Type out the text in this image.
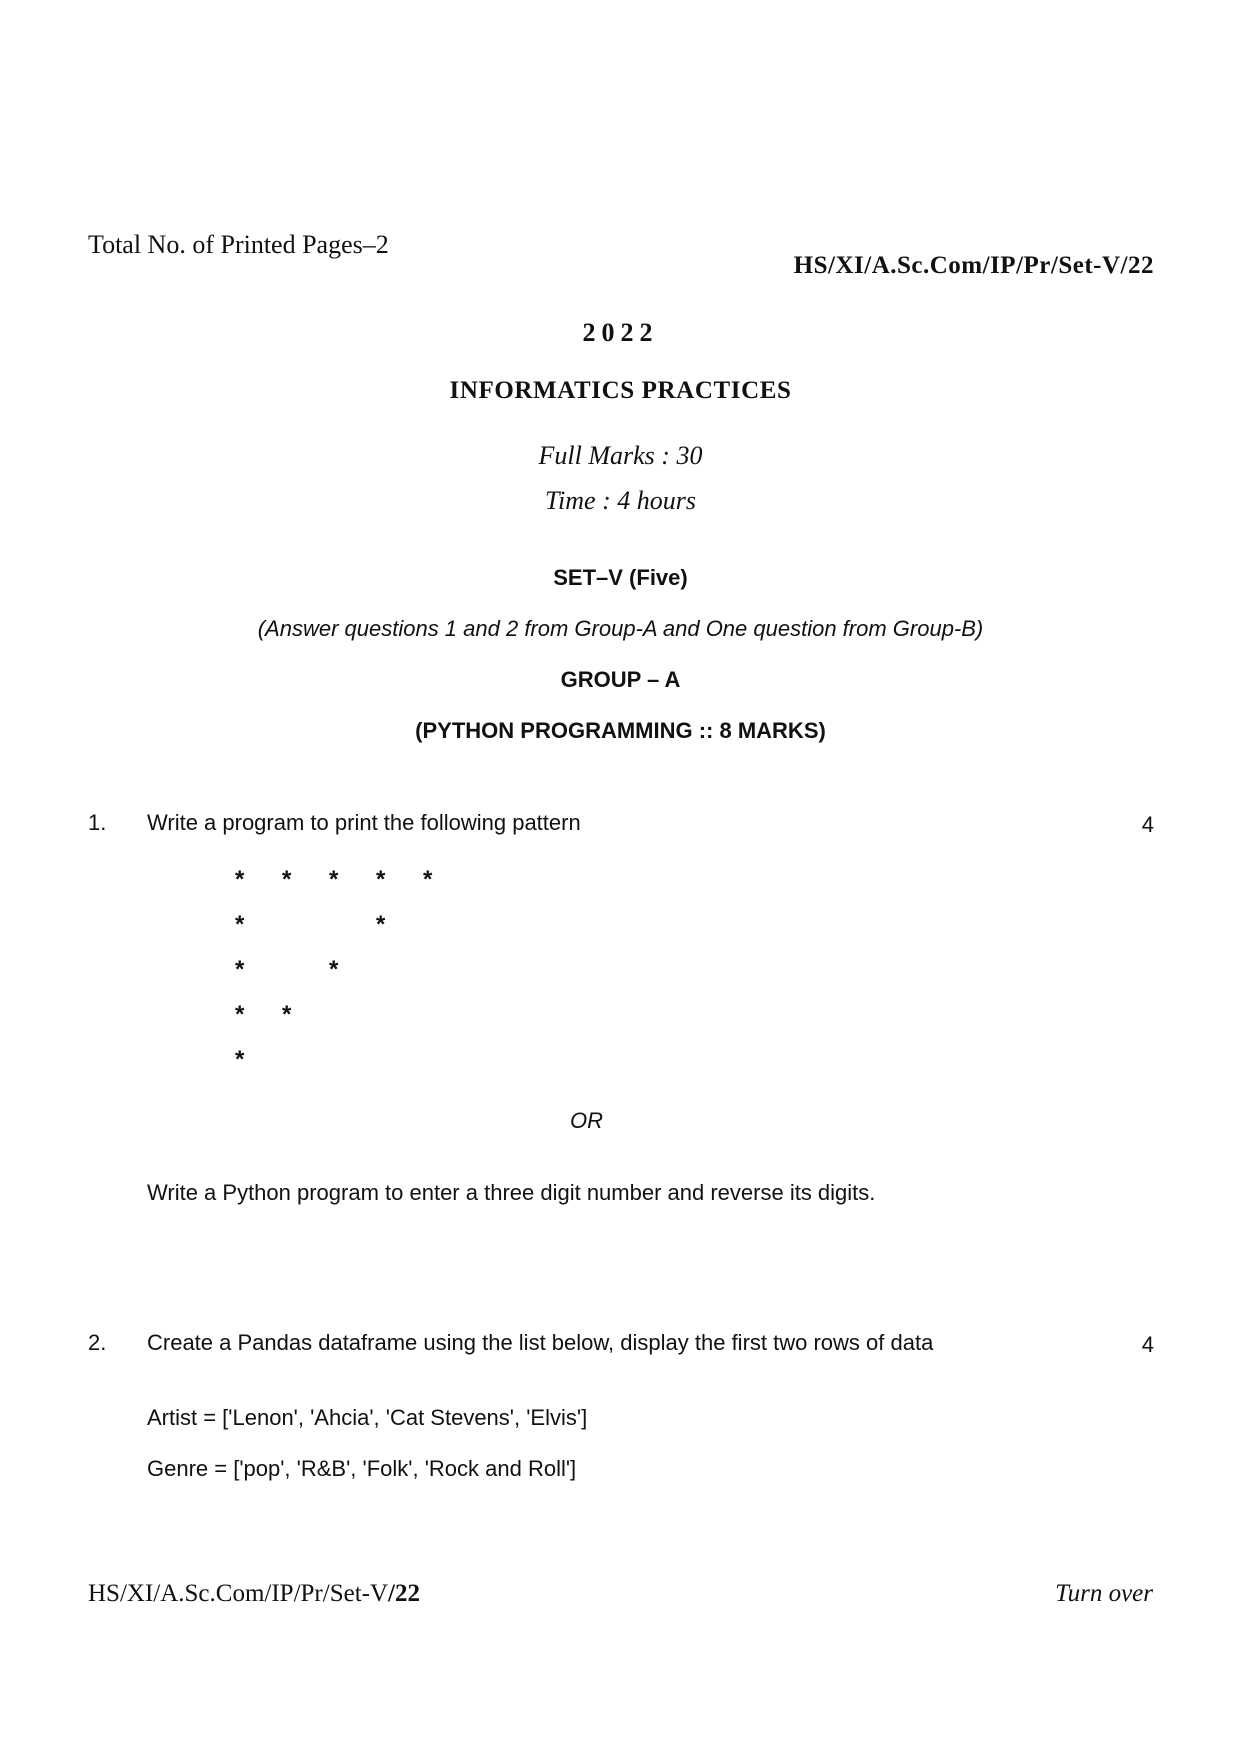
Total No. of Printed Pages–2
HS/XI/A.Sc.Com/IP/Pr/Set-V/22
2022
INFORMATICS PRACTICES
Full Marks : 30
Time : 4 hours
SET–V (Five)
(Answer questions 1 and 2 from Group-A and One question from Group-B)
GROUP – A
(PYTHON PROGRAMMING :: 8 MARKS)
1. Write a program to print the following pattern	4
* * * * *
*	*
*	*
* *
*
OR
Write a Python program to enter a three digit number and reverse its digits.
2. Create a Pandas dataframe using the list below, display the first two rows of data	4
Artist = ['Lenon', 'Ahcia', 'Cat Stevens', 'Elvis']
Genre = ['pop', 'R&B', 'Folk', 'Rock and Roll']
HS/XI/A.Sc.Com/IP/Pr/Set-V/22	Turn over
